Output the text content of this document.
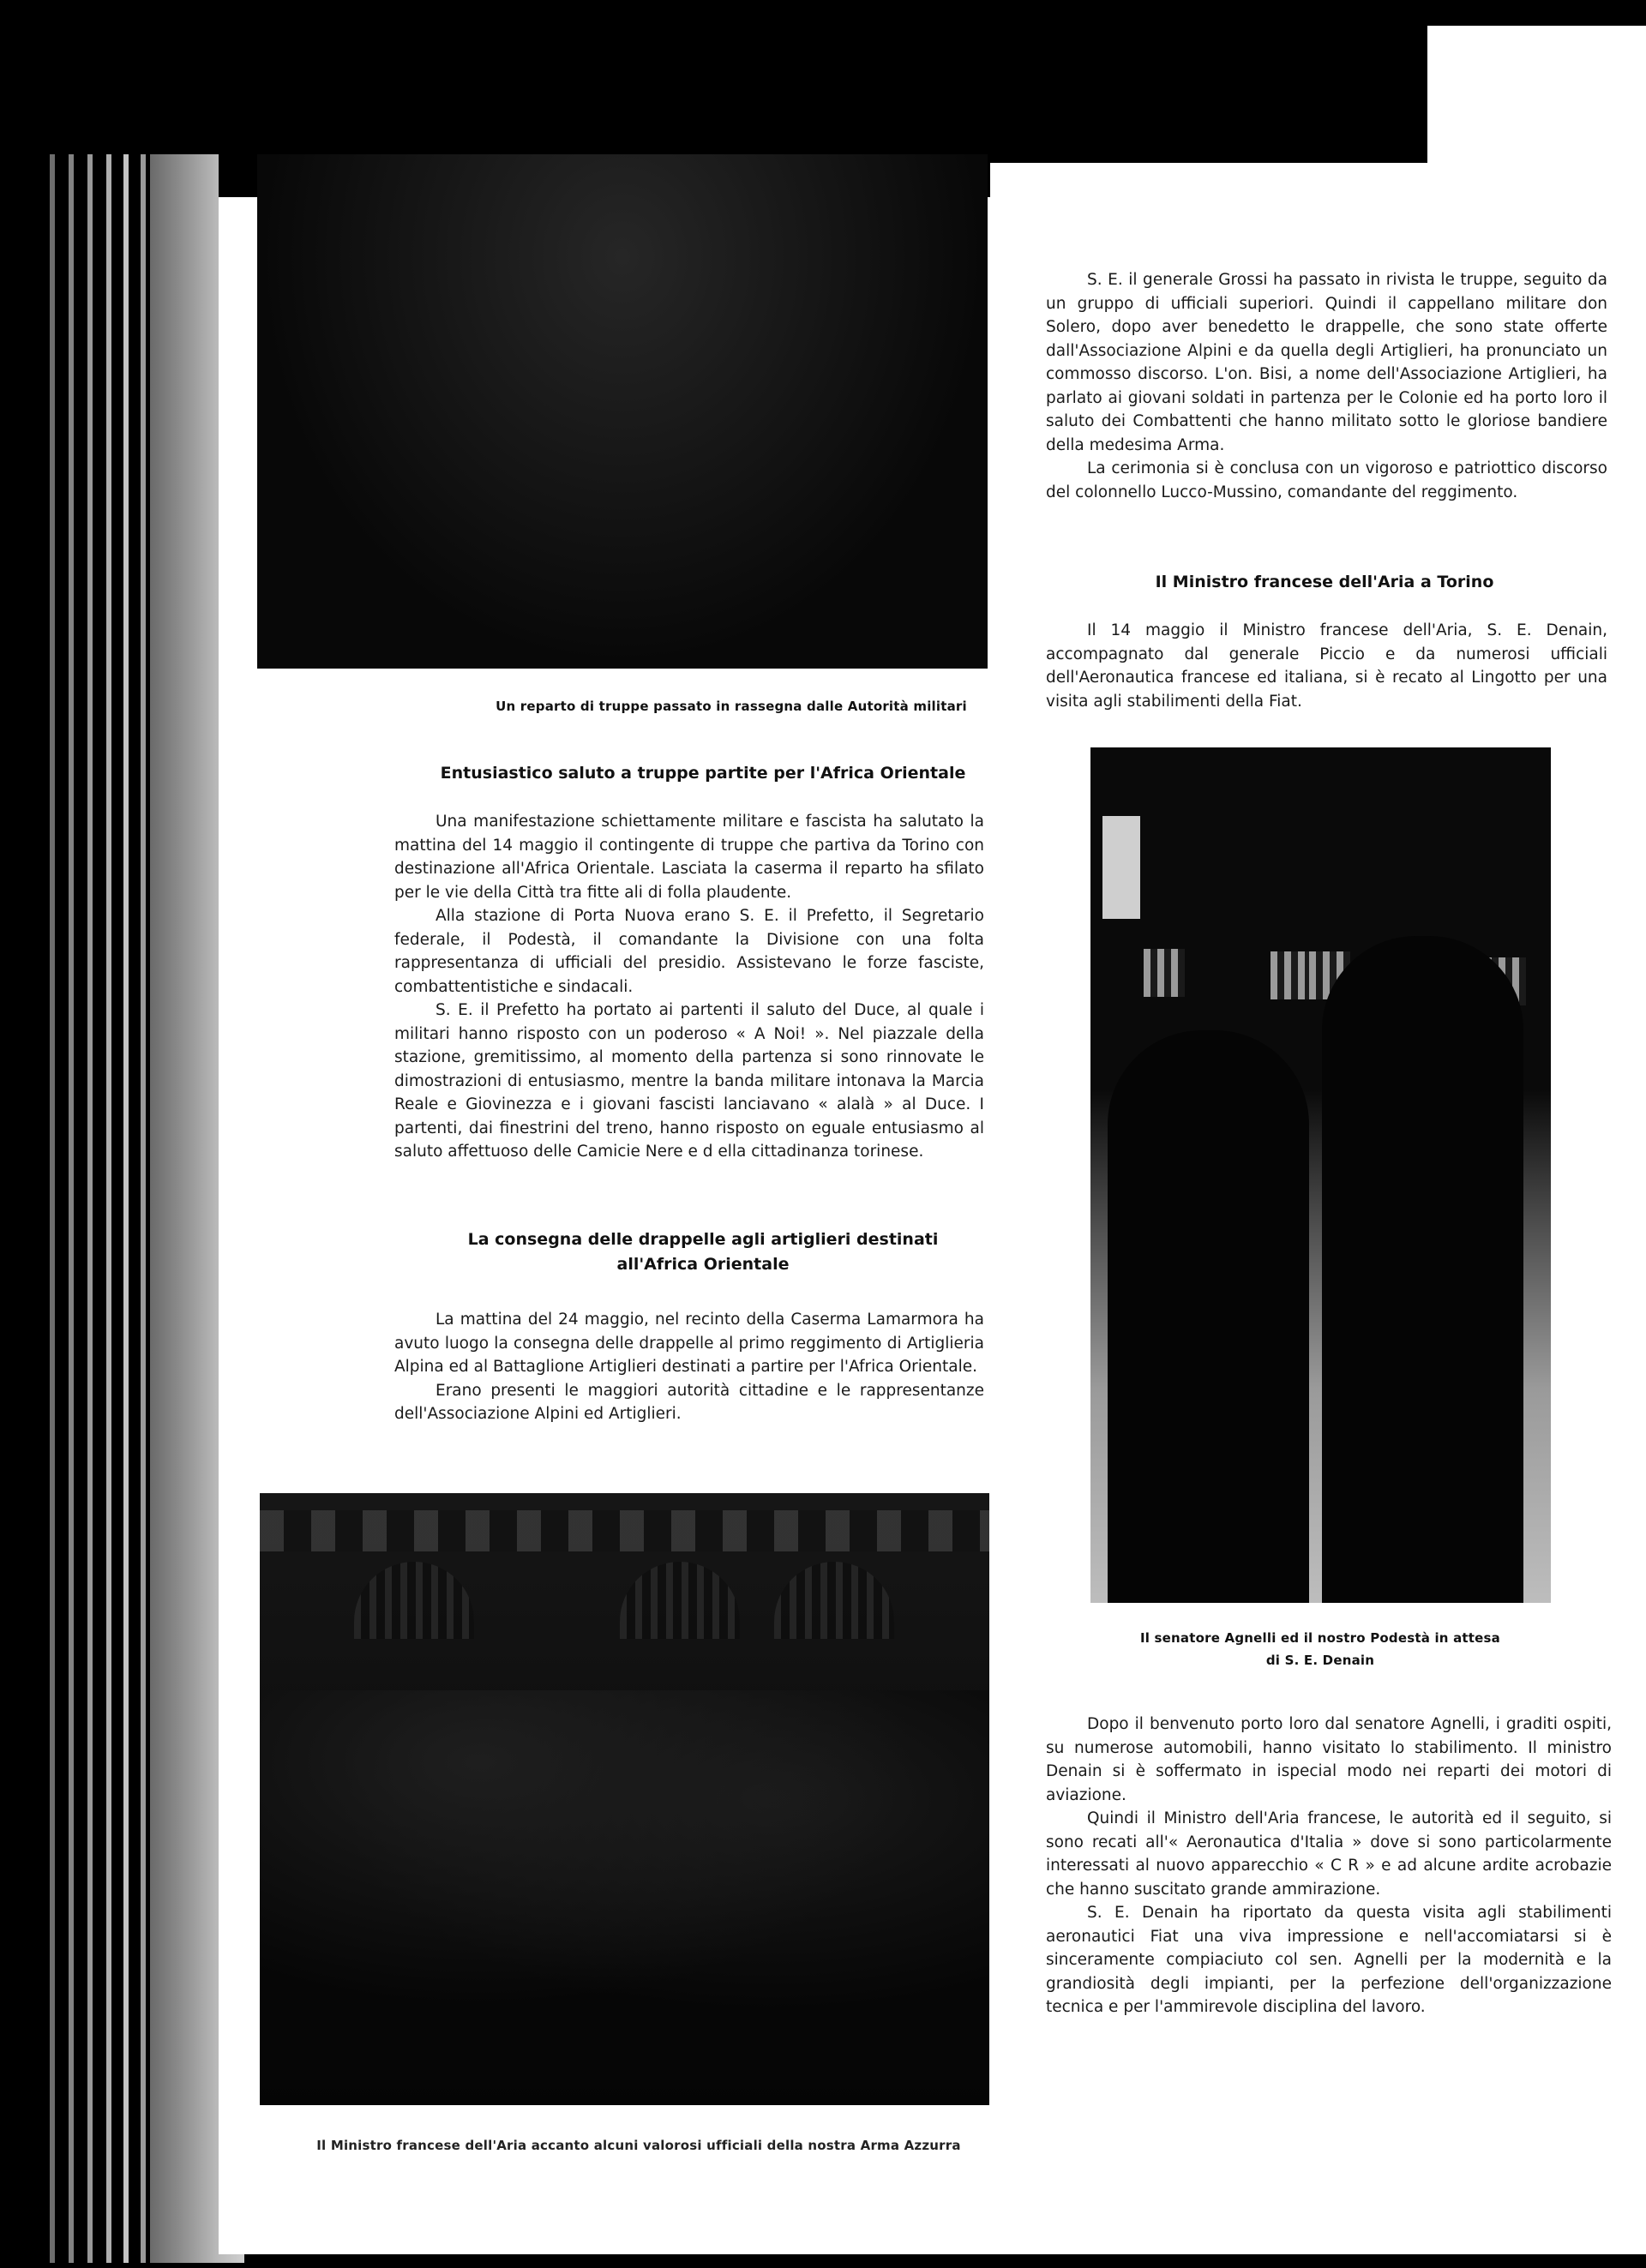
Un reparto di truppe passato in rassegna dalle Autorità militari
Il senatore Agnelli ed il nostro Podestà in attesa
di S. E. Denain
Il Ministro francese dell'Aria accanto alcuni valorosi ufficiali della nostra Arma Azzurra
Entusiastico saluto a truppe partite per l'Africa Orientale
La consegna delle drappelle agli artiglieri destinati
all'Africa Orientale
Il Ministro francese dell'Aria a Torino

S. E. il generale Grossi ha passato in rivista le truppe, seguito da un gruppo di ufficiali superiori. Quindi il cappellano militare don Solero, dopo aver benedetto le drappelle, che sono state offerte dall'Associazione Alpini e da quella degli Artiglieri, ha pronunciato un commosso discorso. L'on. Bisi, a nome dell'Associazione Artiglieri, ha parlato ai giovani soldati in partenza per le Colonie ed ha porto loro il saluto dei Combattenti che hanno militato sotto le gloriose bandiere della medesima Arma.

La cerimonia si è conclusa con un vigoroso e patriottico discorso del colonnello Lucco-Mussino, comandante del reggimento.

Il 14 maggio il Ministro francese dell'Aria, S. E. Denain, accompagnato dal generale Piccio e da numerosi ufficiali dell'Aeronautica francese ed italiana, si è recato al Lingotto per una visita agli stabilimenti della Fiat.

Una manifestazione schiettamente militare e fascista ha salutato la mattina del 14 maggio il contingente di truppe che partiva da Torino con destinazione all'Africa Orientale. Lasciata la caserma il reparto ha sfilato per le vie della Città tra fitte ali di folla plaudente.

Alla stazione di Porta Nuova erano S. E. il Prefetto, il Segretario federale, il Podestà, il comandante la Divisione con una folta rappresentanza di ufficiali del presidio. Assistevano le forze fasciste, combattentistiche e sindacali.

S. E. il Prefetto ha portato ai partenti il saluto del Duce, al quale i militari hanno risposto con un poderoso « A Noi! ». Nel piazzale della stazione, gremitissimo, al momento della partenza si sono rinnovate le dimostrazioni di entusiasmo, mentre la banda militare intonava la Marcia Reale e Giovinezza e i giovani fascisti lanciavano « alalà » al Duce. I partenti, dai finestrini del treno, hanno risposto on eguale entusiasmo al saluto affettuoso delle Camicie Nere e d ella cittadinanza torinese.

La mattina del 24 maggio, nel recinto della Caserma Lamarmora ha avuto luogo la consegna delle drappelle al primo reggimento di Artiglieria Alpina ed al Battaglione Artiglieri destinati a partire per l'Africa Orientale.

Erano presenti le maggiori autorità cittadine e le rappresentanze dell'Associazione Alpini ed Artiglieri.

Dopo il benvenuto porto loro dal senatore Agnelli, i graditi ospiti, su numerose automobili, hanno visitato lo stabilimento. Il ministro Denain si è soffermato in ispecial modo nei reparti dei motori di aviazione.

Quindi il Ministro dell'Aria francese, le autorità ed il seguito, si sono recati all'« Aeronautica d'Italia » dove si sono particolarmente interessati al nuovo apparecchio « C R » e ad alcune ardite acrobazie che hanno suscitato grande ammirazione.

S. E. Denain ha riportato da questa visita agli stabilimenti aeronautici Fiat una viva impressione e nell'accomiatarsi si è sinceramente compiaciuto col sen. Agnelli per la modernità e la grandiosità degli impianti, per la perfezione dell'organizzazione tecnica e per l'ammirevole disciplina del lavoro.
